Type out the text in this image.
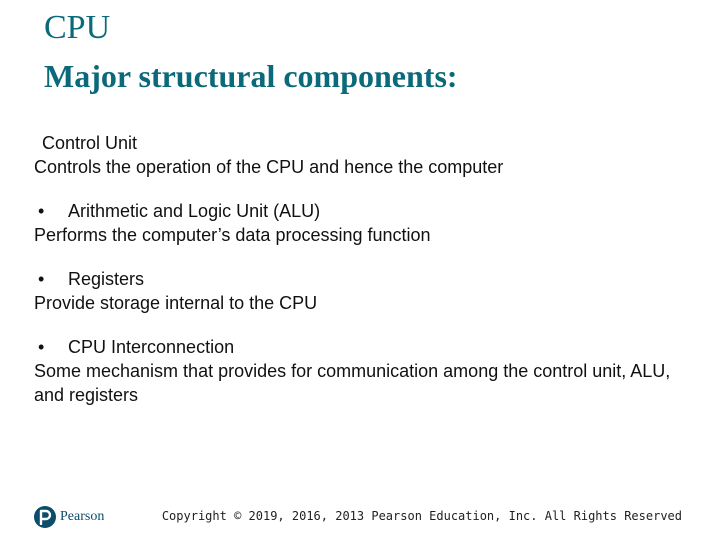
CPU
Major structural components:
Control Unit
Controls the operation of the CPU and hence the computer
• Arithmetic and Logic Unit (ALU)
Performs the computer’s data processing function
• Registers
Provide storage internal to the CPU
• CPU Interconnection
Some mechanism that provides for communication among the control unit, ALU, and registers
Pearson	Copyright © 2019, 2016, 2013 Pearson Education, Inc. All Rights Reserved
